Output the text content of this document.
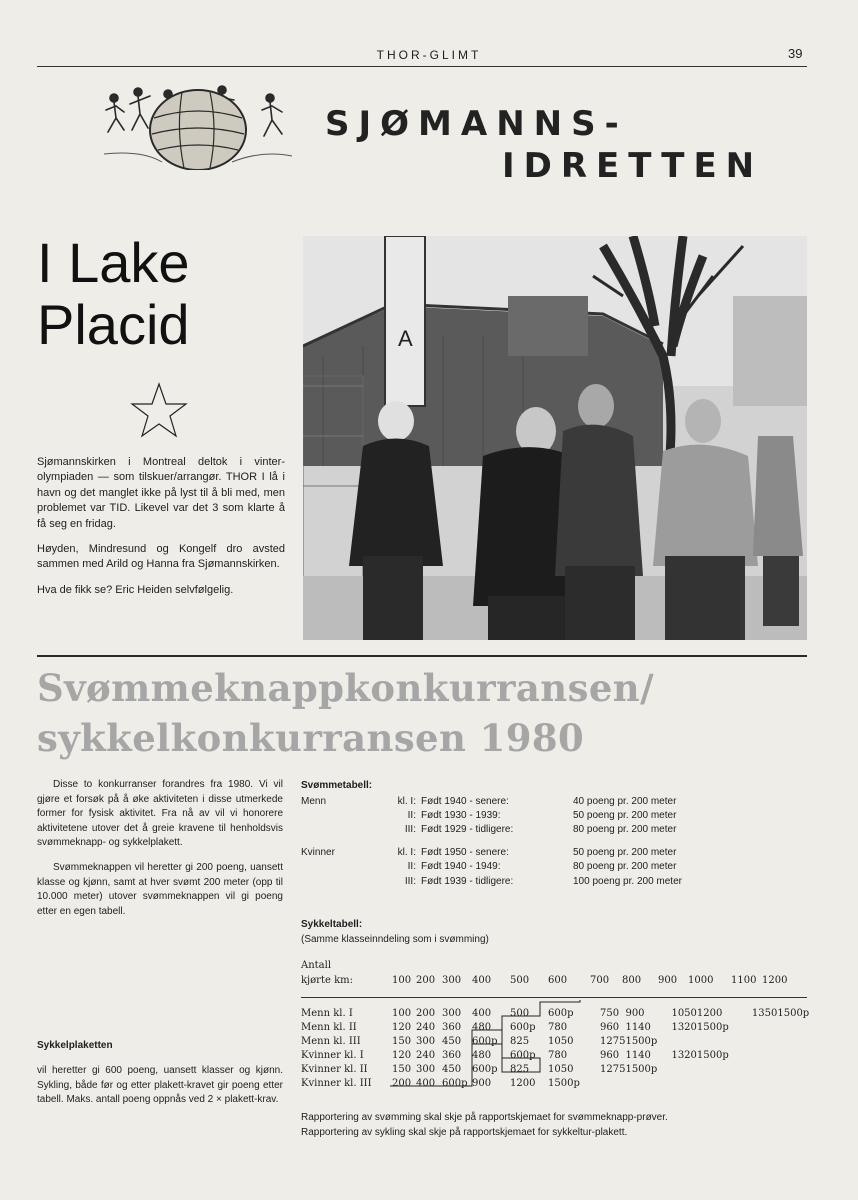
THOR-GLIMT	39
SJØMANNS-
IDRETTEN
I Lake
Placid

Sjømannskirken i Montreal deltok i vinter-olympiaden — som tilskuer/arrangør. THOR I lå i havn og det manglet ikke på lyst til å bli med, men problemet var TID. Likevel var det 3 som klarte å få seg en fridag.

Høyden, Mindresund og Kongelf dro avsted sammen med Arild og Hanna fra Sjømannskirken.

Hva de fikk se? Eric Heiden selvfølgelig.

A
Svømmeknappkonkurransen/
sykkelkonkurransen 1980

Disse to konkurranser forandres fra 1980. Vi vil gjøre et forsøk på å øke aktiviteten i disse utmerkede former for fysisk aktivitet. Fra nå av vil vi honorere aktivitetene utover det å greie kravene til henholdsvis svømmeknapp- og sykkelplakett.

Svømmeknappen vil heretter gi 200 poeng, uansett klasse og kjønn, samt at hver svømt 200 meter (opp til 10.000 meter) utover svømmeknappen vil gi poeng etter en egen tabell.

Sykkelplaketten
vil heretter gi 600 poeng, uansett klasser og kjønn. Sykling, både før og etter plakett-kravet gir poeng etter tabell. Maks. antall poeng oppnås ved 2 × plakett-krav.
Svømmetabell:
Menn	kl. I:	Født 1940 - senere:	40 poeng pr. 200 meter
	II:	Født 1930 - 1939:	50 poeng pr. 200 meter
	III:	Født 1929 - tidligere:	80 poeng pr. 200 meter

Kvinner	kl. I:	Født 1950 - senere:	50 poeng pr. 200 meter
	II:	Født 1940 - 1949:	80 poeng pr. 200 meter
	III:	Født 1939 - tidligere:	100 poeng pr. 200 meter
Sykkeltabell:
(Samme klasseinndeling som i svømming)
Antall
kjørte km:	100 200 300 400 500 600 700 800 900 1000 1100 1200
Menn kl. I	100	200	300	400	500	600p	750	900	1050	1200	1350	1500p
Menn kl. II	120	240	360	480	600p	780	960	1140	1320	1500p		
Menn kl. III	150	300	450	600p	825	1050	1275	1500p				
Kvinner kl. I	120	240	360	480	600p	780	960	1140	1320	1500p		
Kvinner kl. II	150	300	450	600p	825	1050	1275	1500p				
Kvinner kl. III	200	400	600p	900	1200	1500p						
Rapportering av svømming skal skje på rapportskjemaet for svømmeknapp-prøver.
Rapportering av sykling skal skje på rapportskjemaet for sykkeltur-plakett.
